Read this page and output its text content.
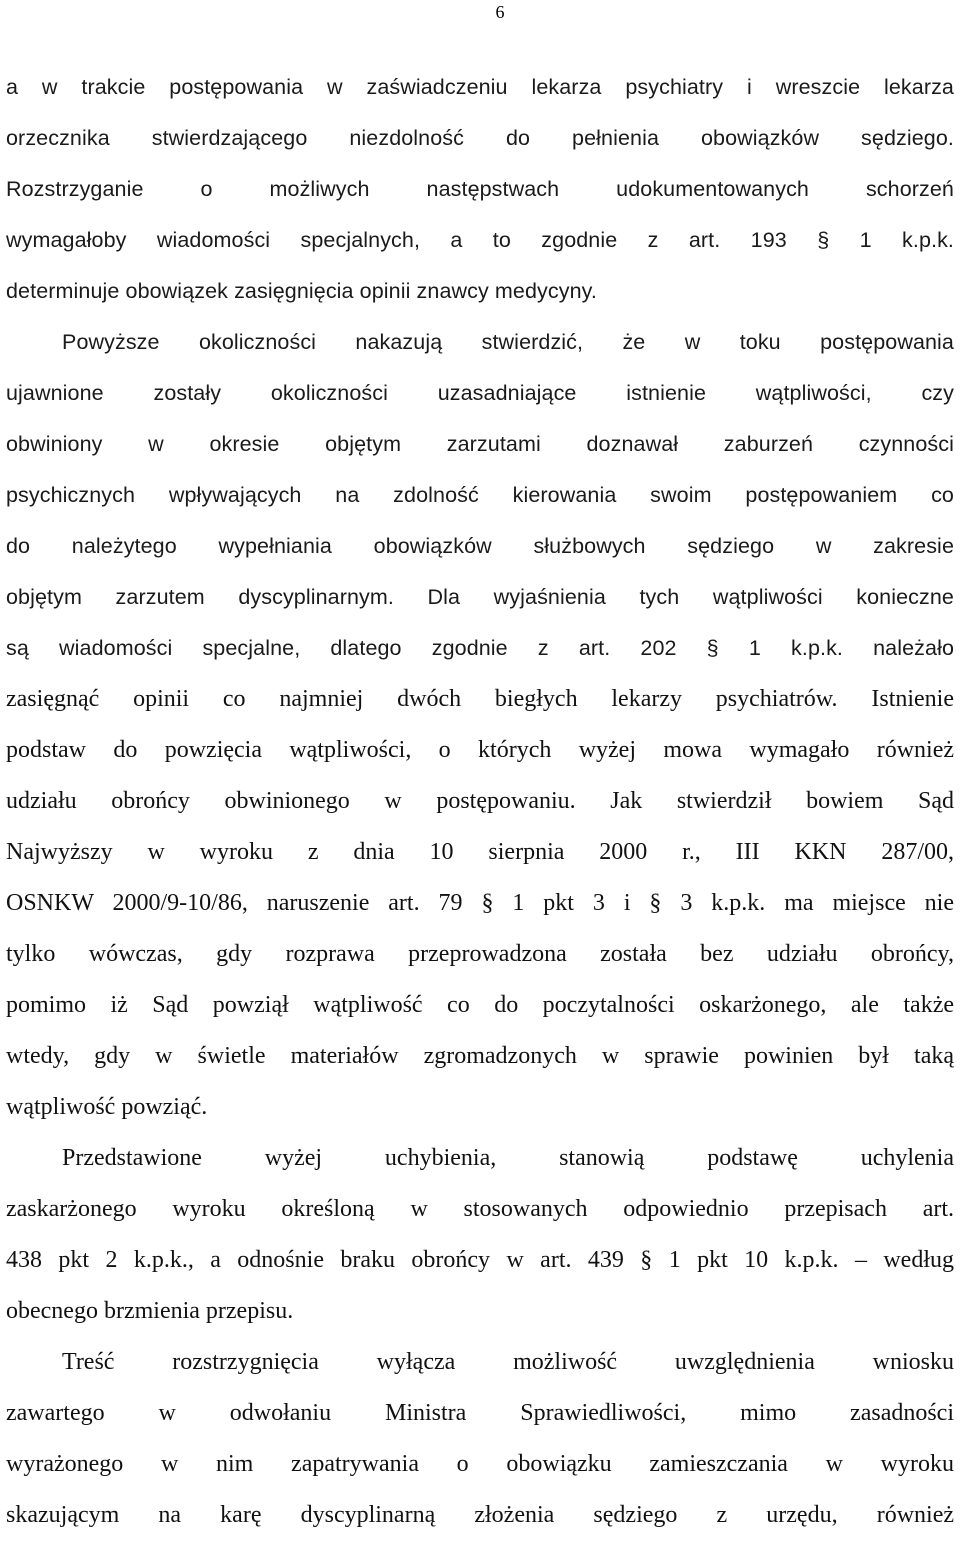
6
a w trakcie postępowania w zaświadczeniu lekarza psychiatry i wreszcie lekarza
orzecznika stwierdzającego niezdolność do pełnienia obowiązków sędziego.
Rozstrzyganie o możliwych następstwach udokumentowanych schorzeń
wymagałoby wiadomości specjalnych, a to zgodnie z art. 193 § 1 k.p.k.
determinuje obowiązek zasięgnięcia opinii znawcy medycyny.
Powyższe okoliczności nakazują stwierdzić, że w toku postępowania
ujawnione zostały okoliczności uzasadniające istnienie wątpliwości, czy
obwiniony w okresie objętym zarzutami doznawał zaburzeń czynności
psychicznych wpływających na zdolność kierowania swoim postępowaniem co
do należytego wypełniania obowiązków służbowych sędziego w zakresie
objętym zarzutem dyscyplinarnym. Dla wyjaśnienia tych wątpliwości konieczne
są wiadomości specjalne, dlatego zgodnie z art. 202 § 1 k.p.k. należało
zasięgnąć opinii co najmniej dwóch biegłych lekarzy psychiatrów. Istnienie
podstaw do powzięcia wątpliwości, o których wyżej mowa wymagało również
udziału obrońcy obwinionego w postępowaniu. Jak stwierdził bowiem Sąd
Najwyższy w wyroku z dnia 10 sierpnia 2000 r., III KKN 287/00,
OSNKW 2000/9-10/86, naruszenie art. 79 § 1 pkt 3 i § 3 k.p.k. ma miejsce nie
tylko wówczas, gdy rozprawa przeprowadzona została bez udziału obrońcy,
pomimo iż Sąd powziął wątpliwość co do poczytalności oskarżonego, ale także
wtedy, gdy w świetle materiałów zgromadzonych w sprawie powinien był taką
wątpliwość powziąć.
Przedstawione wyżej uchybienia, stanowią podstawę uchylenia
zaskarżonego wyroku określoną w stosowanych odpowiednio przepisach art.
438 pkt 2 k.p.k., a odnośnie braku obrońcy w art. 439 § 1 pkt 10 k.p.k. – według
obecnego brzmienia przepisu.
Treść rozstrzygnięcia wyłącza możliwość uwzględnienia wniosku
zawartego w odwołaniu Ministra Sprawiedliwości, mimo zasadności
wyrażonego w nim zapatrywania o obowiązku zamieszczania w wyroku
skazującym na karę dyscyplinarną złożenia sędziego z urzędu, również
